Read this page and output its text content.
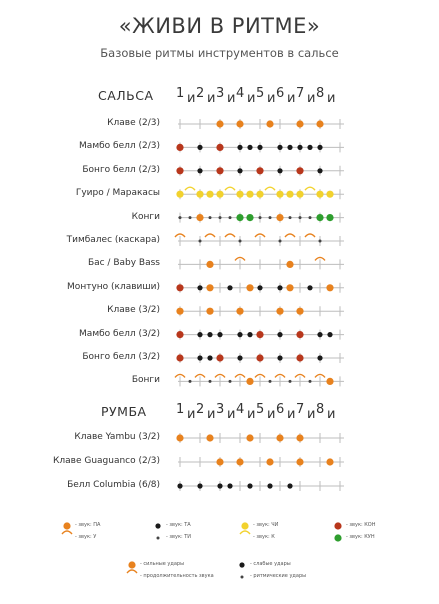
«ЖИВИ В РИТМЕ»
Базовые ритмы инструментов в сальсе
САЛЬСА 1 и 2 и 3 и 4 и 5 и 6 и 7 и 8 и
Клаве (2/3)
Мамбо белл (2/3)
Бонго белл (2/3)
Гуиро / Маракасы
Конги
Тимбалес (каскара)
Бас / Baby Bass
Монтуно (клавиши)
Клаве (3/2)
Мамбо белл (3/2)
Бонго белл (3/2)
Бонги
РУМБА 1 и 2 и 3 и 4 и 5 и 6 и 7 и 8 и
Клаве Yambu (3/2)
Клаве Guaguanco (2/3)
Белл Columbia (6/8)
- звук: ПА
- звук: У
- звук: ТА
- звук: ТИ
- звук: ЧИ
- звук: К
- звук: КОН
- звук: КУН
- сильные удары
- продолжительность звука
- слабые удары
- ритмические удары
